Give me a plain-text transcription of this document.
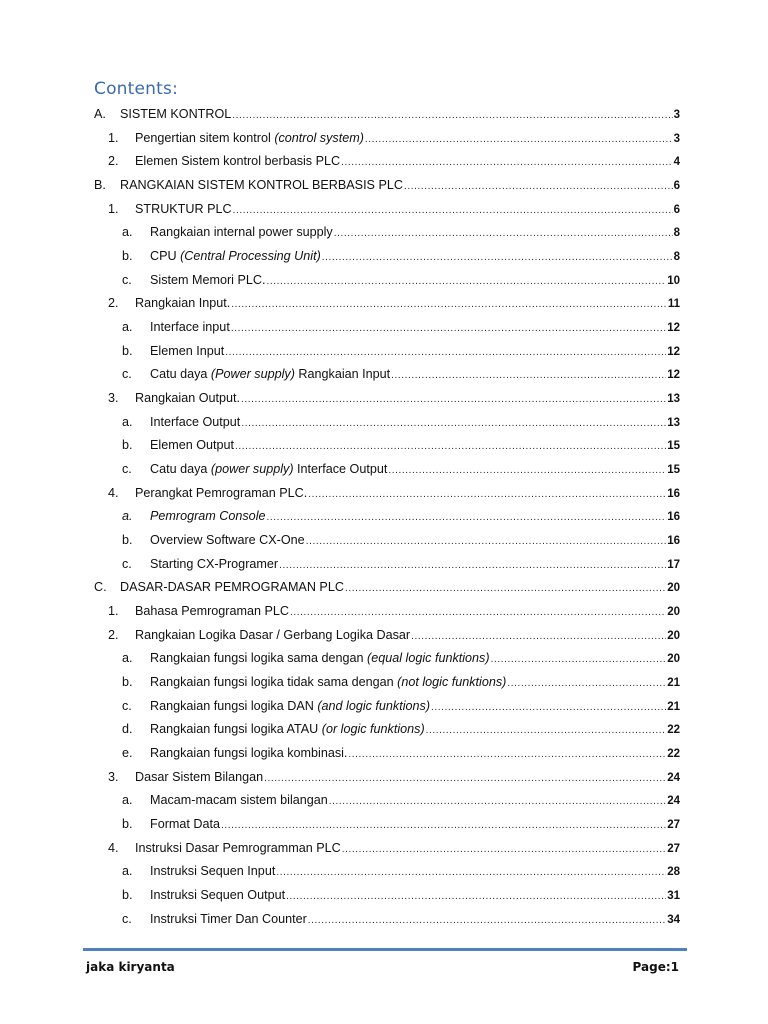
Contents:
A.	SISTEM KONTROL .....	3
1.	Pengertian sitem kontrol (control system) .....	3
2.	Elemen Sistem kontrol berbasis PLC .....	4
B.	RANGKAIAN SISTEM KONTROL BERBASIS PLC .....	6
1.	STRUKTUR PLC .....	6
a.	Rangkaian internal power supply .....	8
b.	CPU (Central Processing Unit) .....	8
c.	Sistem Memori PLC. .....	10
2.	Rangkaian Input. .....	11
a.	Interface input .....	12
b.	Elemen Input .....	12
c.	Catu daya (Power supply) Rangkaian Input .....	12
3.	Rangkaian Output. .....	13
a.	Interface Output .....	13
b.	Elemen Output .....	15
c.	Catu daya (power supply) Interface Output .....	15
4.	Perangkat Pemrograman PLC. .....	16
a.	Pemrogram Console .....	16
b.	Overview Software CX-One .....	16
c.	Starting CX-Programer .....	17
C.	DASAR-DASAR PEMROGRAMAN PLC .....	20
1.	Bahasa Pemrograman PLC .....	20
2.	Rangkaian Logika Dasar / Gerbang Logika Dasar .....	20
a.	Rangkaian fungsi logika sama dengan (equal logic funktions) .....	20
b.	Rangkaian fungsi logika tidak sama dengan (not logic funktions) .....	21
c.	Rangkaian fungsi logika DAN (and logic funktions) .....	21
d.	Rangkaian fungsi logika ATAU (or logic funktions) .....	22
e.	Rangkaian fungsi logika kombinasi. .....	22
3.	Dasar Sistem Bilangan .....	24
a.	Macam-macam sistem bilangan .....	24
b.	Format Data .....	27
4.	Instruksi Dasar Pemrogramman PLC .....	27
a.	Instruksi Sequen Input .....	28
b.	Instruksi Sequen Output .....	31
c.	Instruksi Timer Dan Counter .....	34
jaka kiryanta	Page:1
